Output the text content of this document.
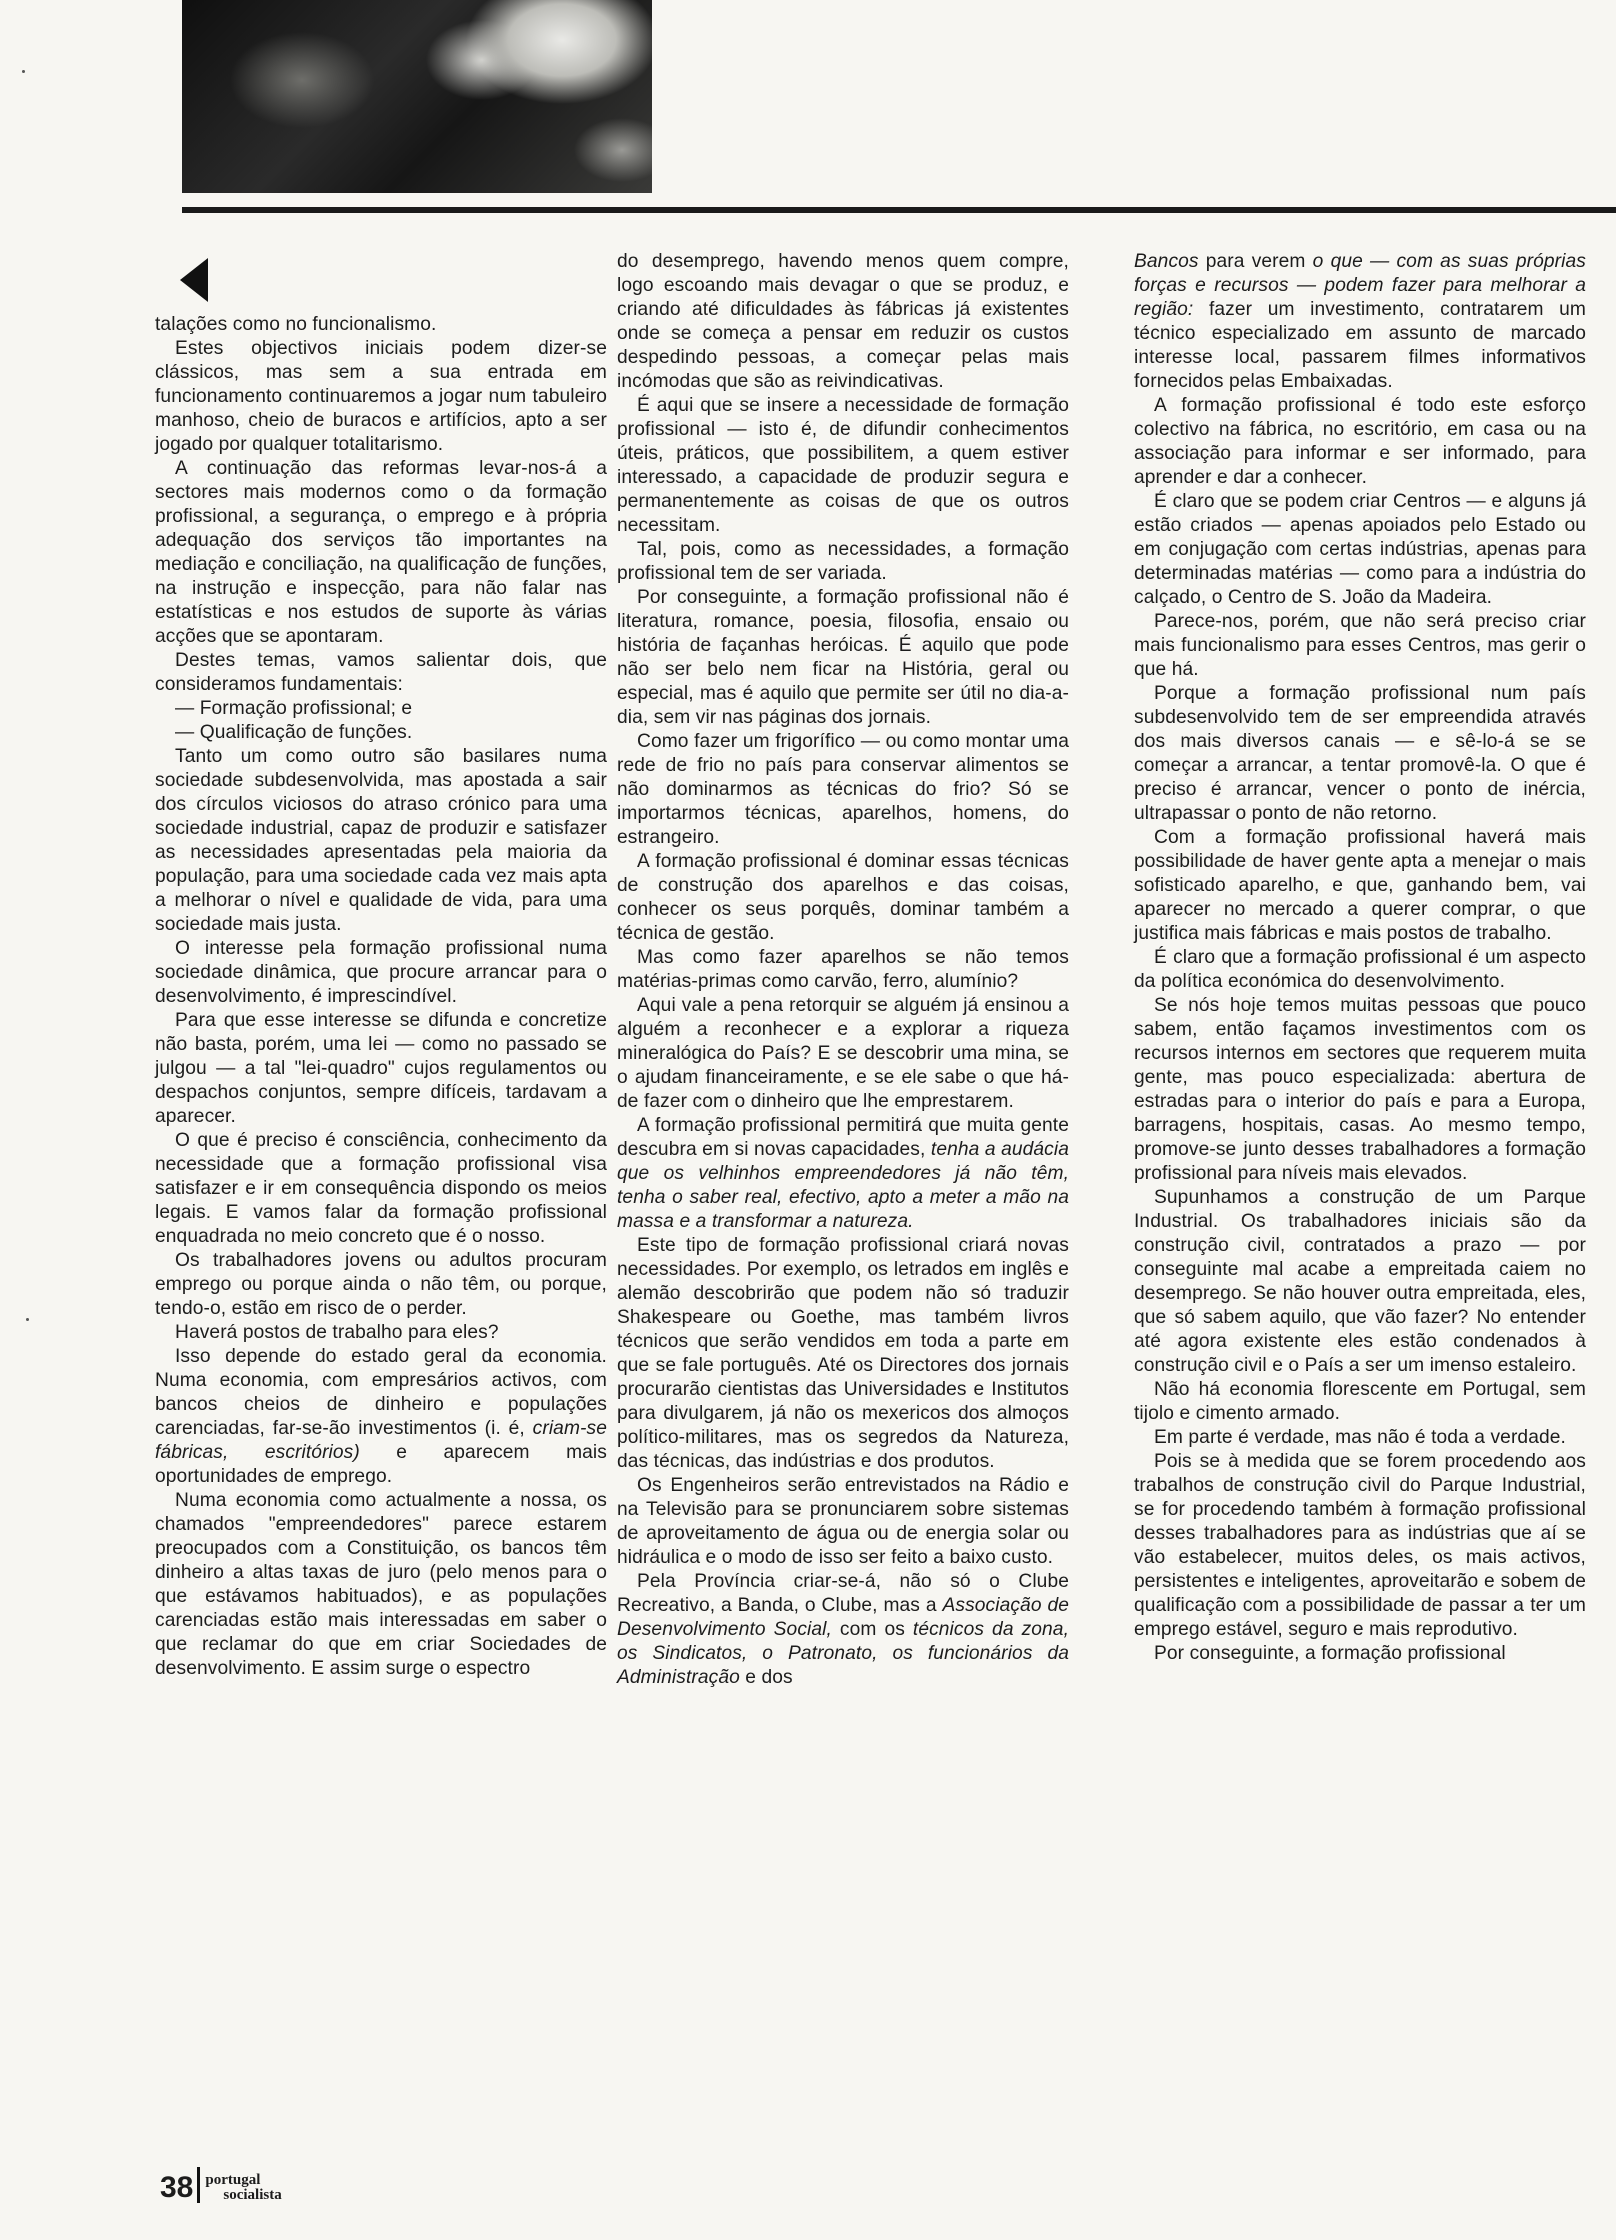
talações como no funcionalismo.

Estes objectivos iniciais podem dizer-se clássicos, mas sem a sua entrada em funcionamento continuaremos a jogar num tabuleiro manhoso, cheio de buracos e artifícios, apto a ser jogado por qualquer totalitarismo.

A continuação das reformas levar-nos-á a sectores mais modernos como o da formação profissional, a segurança, o emprego e à própria adequação dos serviços tão importantes na mediação e conciliação, na qualificação de funções, na instrução e inspecção, para não falar nas estatísticas e nos estudos de suporte às várias acções que se apontaram.

Destes temas, vamos salientar dois, que consideramos fundamentais:

— Formação profissional; e

— Qualificação de funções.

Tanto um como outro são basilares numa sociedade subdesenvolvida, mas apostada a sair dos círculos viciosos do atraso crónico para uma sociedade industrial, capaz de produzir e satisfazer as necessidades apresentadas pela maioria da população, para uma sociedade cada vez mais apta a melhorar o nível e qualidade de vida, para uma sociedade mais justa.

O interesse pela formação profissional numa sociedade dinâmica, que procure arrancar para o desenvolvimento, é imprescindível.

Para que esse interesse se difunda e concretize não basta, porém, uma lei — como no passado se julgou — a tal "lei-quadro" cujos regulamentos ou despachos conjuntos, sempre difíceis, tardavam a aparecer.

O que é preciso é consciência, conhecimento da necessidade que a formação profissional visa satisfazer e ir em consequência dispondo os meios legais. E vamos falar da formação profissional enquadrada no meio concreto que é o nosso.

Os trabalhadores jovens ou adultos procuram emprego ou porque ainda o não têm, ou porque, tendo-o, estão em risco de o perder.

Haverá postos de trabalho para eles?

Isso depende do estado geral da economia. Numa economia, com empresários activos, com bancos cheios de dinheiro e populações carenciadas, far-se-ão investimentos (i. é, criam-se fábricas, escritórios) e aparecem mais oportunidades de emprego.

Numa economia como actualmente a nossa, os chamados "empreendedores" parece estarem preocupados com a Constituição, os bancos têm dinheiro a altas taxas de juro (pelo menos para o que estávamos habituados), e as populações carenciadas estão mais interessadas em saber o que reclamar do que em criar Sociedades de desenvolvimento. E assim surge o espectro

do desemprego, havendo menos quem compre, logo escoando mais devagar o que se produz, e criando até dificuldades às fábricas já existentes onde se começa a pensar em reduzir os custos despedindo pessoas, a começar pelas mais incómodas que são as reivindicativas.

É aqui que se insere a necessidade de formação profissional — isto é, de difundir conhecimentos úteis, práticos, que possibilitem, a quem estiver interessado, a capacidade de produzir segura e permanentemente as coisas de que os outros necessitam.

Tal, pois, como as necessidades, a formação profissional tem de ser variada.

Por conseguinte, a formação profissional não é literatura, romance, poesia, filosofia, ensaio ou história de façanhas heróicas. É aquilo que pode não ser belo nem ficar na História, geral ou especial, mas é aquilo que permite ser útil no dia-a-dia, sem vir nas páginas dos jornais.

Como fazer um frigorífico — ou como montar uma rede de frio no país para conservar alimentos se não dominarmos as técnicas do frio? Só se importarmos técnicas, aparelhos, homens, do estrangeiro.

A formação profissional é dominar essas técnicas de construção dos aparelhos e das coisas, conhecer os seus porquês, dominar também a técnica de gestão.

Mas como fazer aparelhos se não temos matérias-primas como carvão, ferro, alumínio?

Aqui vale a pena retorquir se alguém já ensinou a alguém a reconhecer e a explorar a riqueza mineralógica do País? E se descobrir uma mina, se o ajudam financeiramente, e se ele sabe o que há-de fazer com o dinheiro que lhe emprestarem.

A formação profissional permitirá que muita gente descubra em si novas capacidades, tenha a audácia que os velhinhos empreendedores já não têm, tenha o saber real, efectivo, apto a meter a mão na massa e a transformar a natureza.

Este tipo de formação profissional criará novas necessidades. Por exemplo, os letrados em inglês e alemão descobrirão que podem não só traduzir Shakespeare ou Goethe, mas também livros técnicos que serão vendidos em toda a parte em que se fale português. Até os Directores dos jornais procurarão cientistas das Universidades e Institutos para divulgarem, já não os mexericos dos almoços político-militares, mas os segredos da Natureza, das técnicas, das indústrias e dos produtos.

Os Engenheiros serão entrevistados na Rádio e na Televisão para se pronunciarem sobre sistemas de aproveitamento de água ou de energia solar ou hidráulica e o modo de isso ser feito a baixo custo.

Pela Província criar-se-á, não só o Clube Recreativo, a Banda, o Clube, mas a Associação de Desenvolvimento Social, com os técnicos da zona, os Sindicatos, o Patronato, os funcionários da Administração e dos

Bancos para verem o que — com as suas próprias forças e recursos — podem fazer para melhorar a região: fazer um investimento, contratarem um técnico especializado em assunto de marcado interesse local, passarem filmes informativos fornecidos pelas Embaixadas.

A formação profissional é todo este esforço colectivo na fábrica, no escritório, em casa ou na associação para informar e ser informado, para aprender e dar a conhecer.

É claro que se podem criar Centros — e alguns já estão criados — apenas apoiados pelo Estado ou em conjugação com certas indústrias, apenas para determinadas matérias — como para a indústria do calçado, o Centro de S. João da Madeira.

Parece-nos, porém, que não será preciso criar mais funcionalismo para esses Centros, mas gerir o que há.

Porque a formação profissional num país subdesenvolvido tem de ser empreendida através dos mais diversos canais — e sê-lo-á se se começar a arrancar, a tentar promovê-la. O que é preciso é arrancar, vencer o ponto de inércia, ultrapassar o ponto de não retorno.

Com a formação profissional haverá mais possibilidade de haver gente apta a menejar o mais sofisticado aparelho, e que, ganhando bem, vai aparecer no mercado a querer comprar, o que justifica mais fábricas e mais postos de trabalho.

É claro que a formação profissional é um aspecto da política económica do desenvolvimento.

Se nós hoje temos muitas pessoas que pouco sabem, então façamos investimentos com os recursos internos em sectores que requerem muita gente, mas pouco especializada: abertura de estradas para o interior do país e para a Europa, barragens, hospitais, casas. Ao mesmo tempo, promove-se junto desses trabalhadores a formação profissional para níveis mais elevados.

Supunhamos a construção de um Parque Industrial. Os trabalhadores iniciais são da construção civil, contratados a prazo — por conseguinte mal acabe a empreitada caiem no desemprego. Se não houver outra empreitada, eles, que só sabem aquilo, que vão fazer? No entender até agora existente eles estão condenados à construção civil e o País a ser um imenso estaleiro.

Não há economia florescente em Portugal, sem tijolo e cimento armado.

Em parte é verdade, mas não é toda a verdade.

Pois se à medida que se forem procedendo aos trabalhos de construção civil do Parque Industrial, se for procedendo também à formação profissional desses trabalhadores para as indústrias que aí se vão estabelecer, muitos deles, os mais activos, persistentes e inteligentes, aproveitarão e sobem de qualificação com a possibilidade de passar a ter um emprego estável, seguro e mais reprodutivo.

Por conseguinte, a formação profissional

38 portugal
socialista
